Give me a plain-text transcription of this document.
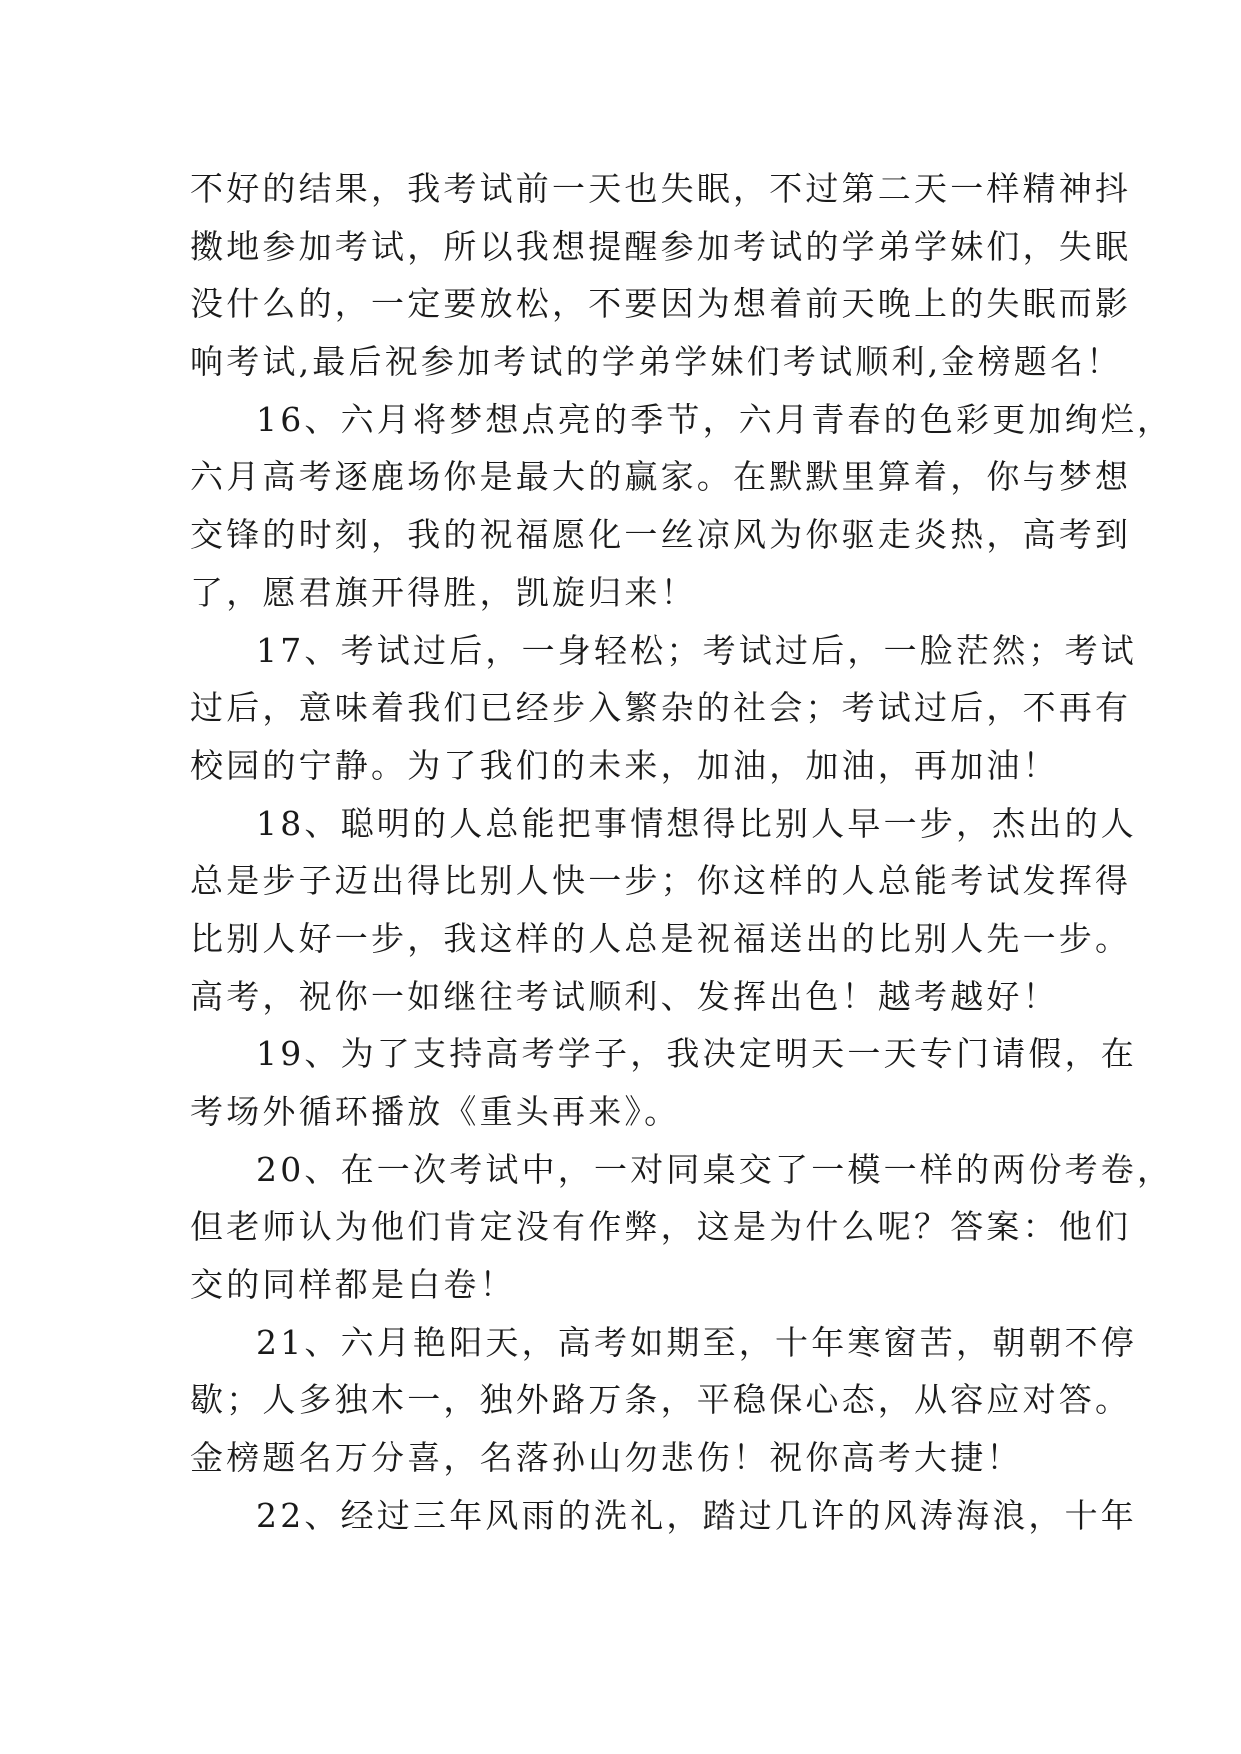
不好的结果，我考试前一天也失眠，不过第二天一样精神抖
擞地参加考试，所以我想提醒参加考试的学弟学妹们，失眠
没什么的，一定要放松，不要因为想着前天晚上的失眠而影
响考试,最后祝参加考试的学弟学妹们考试顺利,金榜题名！
16、六月将梦想点亮的季节，六月青春的色彩更加绚烂，
六月高考逐鹿场你是最大的赢家。在默默里算着，你与梦想
交锋的时刻，我的祝福愿化一丝凉风为你驱走炎热，高考到
了，愿君旗开得胜，凯旋归来！
17、考试过后，一身轻松；考试过后，一脸茫然；考试
过后，意味着我们已经步入繁杂的社会；考试过后，不再有
校园的宁静。为了我们的未来，加油，加油，再加油！
18、聪明的人总能把事情想得比别人早一步，杰出的人
总是步子迈出得比别人快一步；你这样的人总能考试发挥得
比别人好一步，我这样的人总是祝福送出的比别人先一步。
高考，祝你一如继往考试顺利、发挥出色！越考越好！
19、为了支持高考学子，我决定明天一天专门请假，在
考场外循环播放《重头再来》。
20、在一次考试中，一对同桌交了一模一样的两份考卷，
但老师认为他们肯定没有作弊，这是为什么呢？答案：他们
交的同样都是白卷！
21、六月艳阳天，高考如期至，十年寒窗苦，朝朝不停
歇；人多独木一，独外路万条，平稳保心态，从容应对答。
金榜题名万分喜，名落孙山勿悲伤！祝你高考大捷！
22、经过三年风雨的洗礼，踏过几许的风涛海浪，十年
